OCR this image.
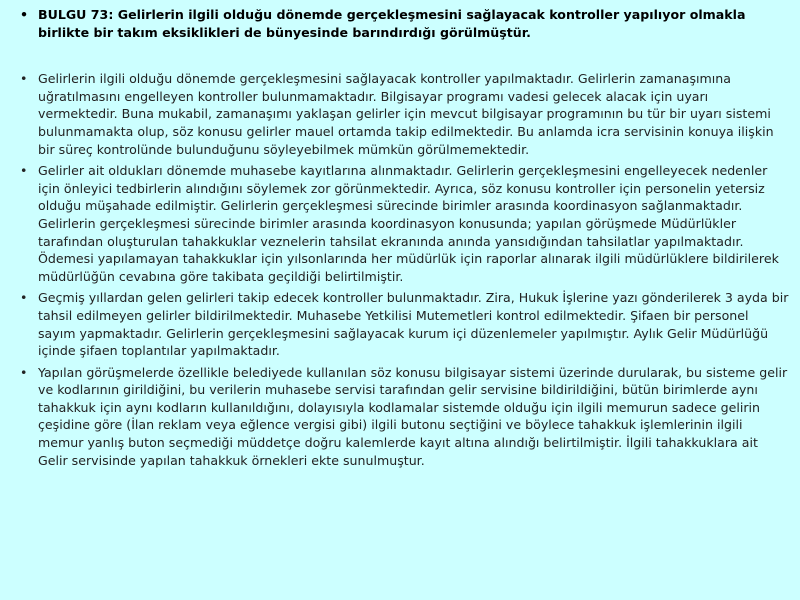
• BULGU 73: Gelirlerin ilgili olduğu dönemde gerçekleşmesini sağlayacak kontroller yapılıyor olmakla birlikte bir takım eksiklikleri de bünyesinde barındırdığı görülmüştür.

• Gelirlerin ilgili olduğu dönemde gerçekleşmesini sağlayacak kontroller yapılmaktadır. Gelirlerin zamanaşımına uğratılmasını engelleyen kontroller bulunmamaktadır. Bilgisayar programı vadesi gelecek alacak için uyarı vermektedir. Buna mukabil, zamanaşımı yaklaşan gelirler için mevcut bilgisayar programının bu tür bir uyarı sistemi bulunmamakta olup, söz konusu gelirler mauel ortamda takip edilmektedir. Bu anlamda icra servisinin konuya ilişkin bir süreç kontrolünde bulunduğunu söyleyebilmek mümkün görülmemektedir.

• Gelirler ait oldukları dönemde muhasebe kayıtlarına alınmaktadır. Gelirlerin gerçekleşmesini engelleyecek nedenler için önleyici tedbirlerin alındığını söylemek zor görünmektedir. Ayrıca, söz konusu kontroller için personelin yetersiz olduğu müşahade edilmiştir. Gelirlerin gerçekleşmesi sürecinde birimler arasında koordinasyon sağlanmaktadır. Gelirlerin gerçekleşmesi sürecinde birimler arasında koordinasyon konusunda; yapılan görüşmede Müdürlükler tarafından oluşturulan tahakkuklar veznelerin tahsilat ekranında anında yansıdığından tahsilatlar yapılmaktadır. Ödemesi yapılamayan tahakkuklar için yılsonlarında her müdürlük için raporlar alınarak ilgili müdürlüklere bildirilerek müdürlüğün cevabına göre takibata geçildiği belirtilmiştir.

• Geçmiş yıllardan gelen gelirleri takip edecek kontroller bulunmaktadır. Zira, Hukuk İşlerine yazı gönderilerek 3 ayda bir tahsil edilmeyen gelirler bildirilmektedir. Muhasebe Yetkilisi Mutemetleri kontrol edilmektedir. Şifaen bir personel sayım yapmaktadır. Gelirlerin gerçekleşmesini sağlayacak kurum içi düzenlemeler yapılmıştır. Aylık Gelir Müdürlüğü içinde şifaen toplantılar yapılmaktadır.

• Yapılan görüşmelerde özellikle belediyede kullanılan söz konusu bilgisayar sistemi üzerinde durularak, bu sisteme gelir ve kodlarının girildiğini, bu verilerin muhasebe servisi tarafından gelir servisine bildirildiğini, bütün birimlerde aynı tahakkuk için aynı kodların kullanıldığını, dolayısıyla kodlamalar sistemde olduğu için ilgili memurun sadece gelirin çeşidine göre (İlan reklam veya eğlence vergisi gibi) ilgili butonu seçtiğini ve böylece tahakkuk işlemlerinin ilgili memur yanlış buton seçmediği müddetçe doğru kalemlerde kayıt altına alındığı belirtilmiştir. İlgili tahakkuklara ait Gelir servisinde yapılan tahakkuk örnekleri ekte sunulmuştur.
